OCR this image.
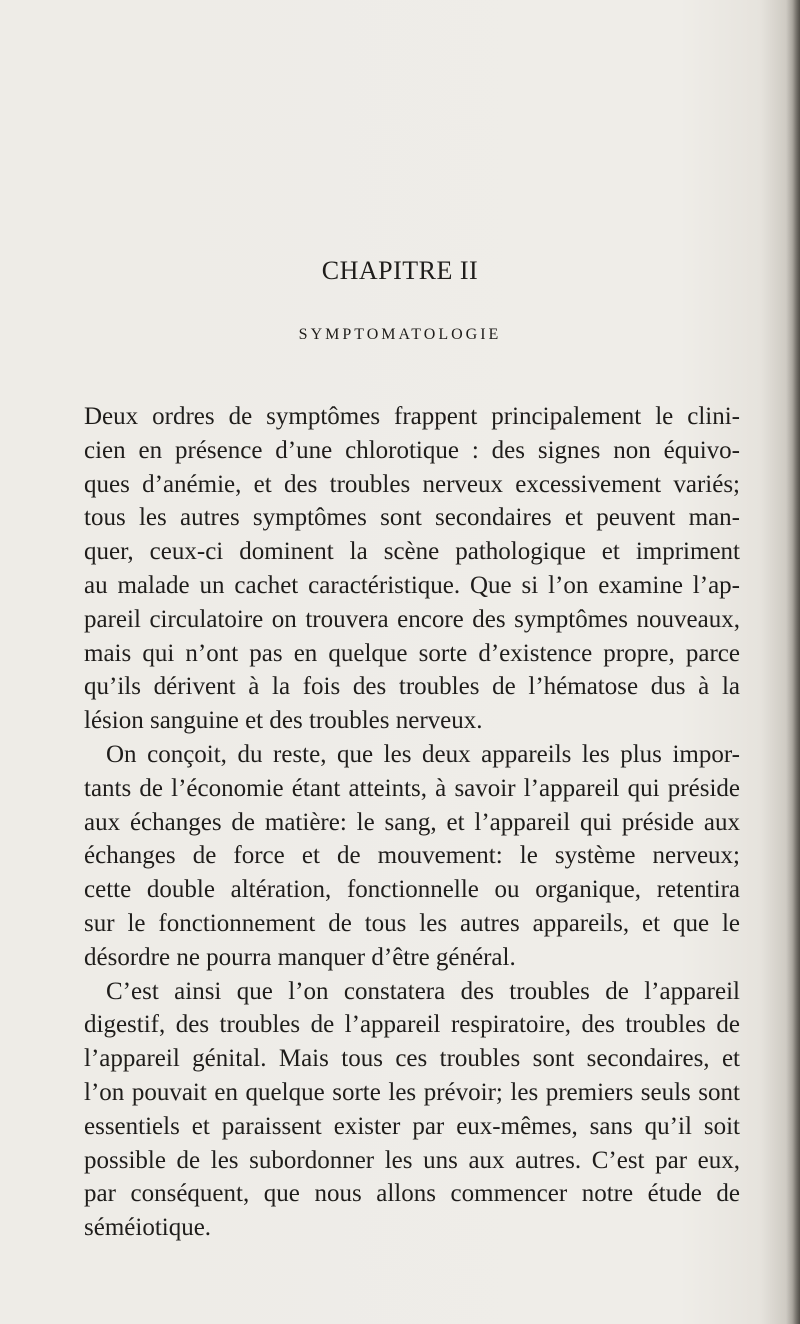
CHAPITRE II
SYMPTOMATOLOGIE
Deux ordres de symptômes frappent principalement le clini-
cien en présence d’une chlorotique : des signes non équivo-
ques d’anémie, et des troubles nerveux excessivement variés;
tous les autres symptômes sont secondaires et peuvent man-
quer, ceux-ci dominent la scène pathologique et impriment
au malade un cachet caractéristique. Que si l’on examine l’ap-
pareil circulatoire on trouvera encore des symptômes nouveaux,
mais qui n’ont pas en quelque sorte d’existence propre, parce
qu’ils dérivent à la fois des troubles de l’hématose dus à la
lésion sanguine et des troubles nerveux.
On conçoit, du reste, que les deux appareils les plus impor-
tants de l’économie étant atteints, à savoir l’appareil qui préside
aux échanges de matière: le sang, et l’appareil qui préside aux
échanges de force et de mouvement: le système nerveux;
cette double altération, fonctionnelle ou organique, retentira
sur le fonctionnement de tous les autres appareils, et que le
désordre ne pourra manquer d’être général.
C’est ainsi que l’on constatera des troubles de l’appareil
digestif, des troubles de l’appareil respiratoire, des troubles de
l’appareil génital. Mais tous ces troubles sont secondaires, et
l’on pouvait en quelque sorte les prévoir; les premiers seuls sont
essentiels et paraissent exister par eux-mêmes, sans qu’il soit
possible de les subordonner les uns aux autres. C’est par eux,
par conséquent, que nous allons commencer notre étude de
séméiotique.
